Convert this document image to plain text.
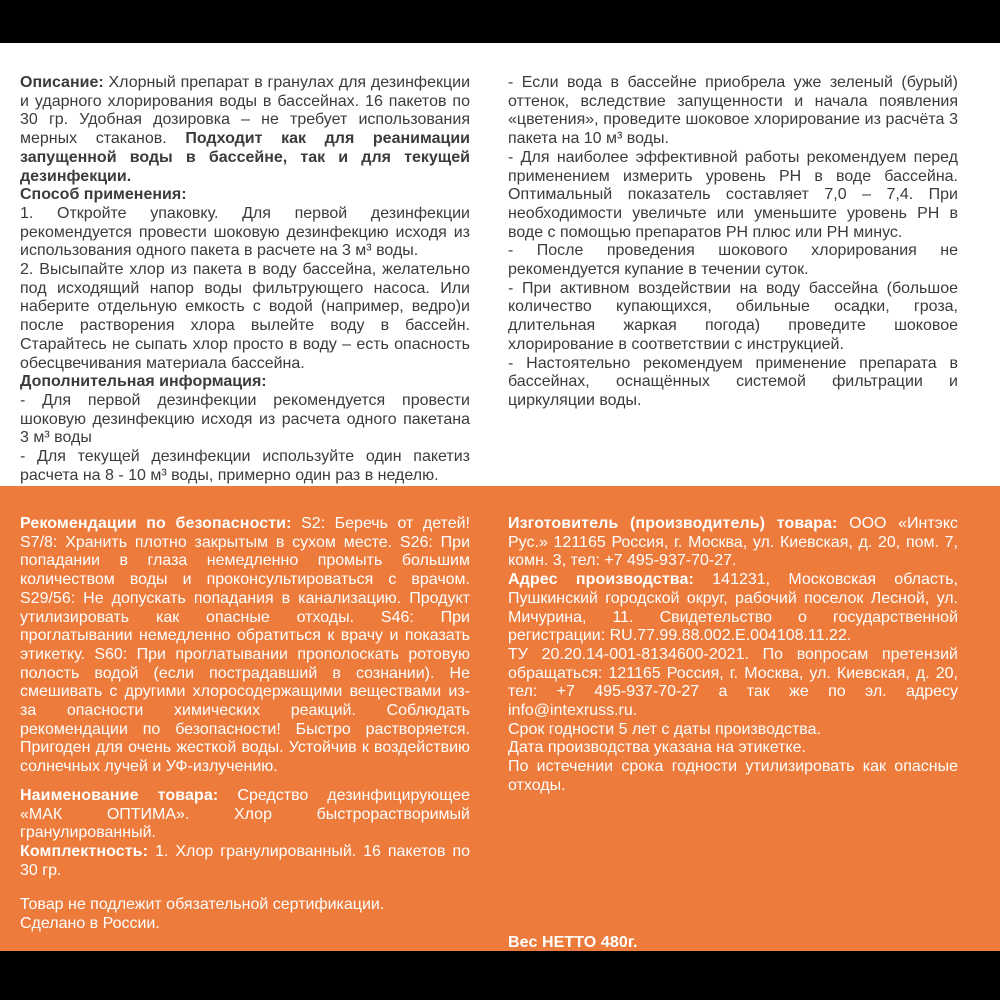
Описание: Хлорный препарат в гранулах для дезинфекции и ударного хлорирования воды в бассейнах. 16 пакетов по 30 гр. Удобная дозировка – не требует использования мерных стаканов. Подходит как для реанимации запущенной воды в бассейне, так и для текущей дезинфекции.

Способ применения:

1. Откройте упаковку. Для первой дезинфекции рекомендуется провести шоковую дезинфекцию исходя из использования одного пакета в расчете на 3 м³ воды.

2. Высыпайте хлор из пакета в воду бассейна, желательно под исходящий напор воды фильтрующего насоса. Или наберите отдельную емкость с водой (например, ведро)и после растворения хлора вылейте воду в бассейн. Старайтесь не сыпать хлор просто в воду – есть опасность обесцвечивания материала бассейна.

Дополнительная информация:

- Для первой дезинфекции рекомендуется провести шоковую дезинфекцию исходя из расчета одного пакетана 3 м³ воды

- Для текущей дезинфекции используйте один пакетиз расчета на 8 - 10 м³ воды, примерно один раз в неделю.

- Если вода в бассейне приобрела уже зеленый (бурый) оттенок, вследствие запущенности и начала появления «цветения», проведите шоковое хлорирование из расчёта 3 пакета на 10 м³ воды.

- Для наиболее эффективной работы рекомендуем перед применением измерить уровень PH в воде бассейна. Оптимальный показатель составляет 7,0 – 7,4. При необходимости увеличьте или уменьшите уровень PH в воде с помощью препаратов PH плюс или PH минус.

- После проведения шокового хлорирования не рекомендуется купание в течении суток.

- При активном воздействии на воду бассейна (большое количество купающихся, обильные осадки, гроза, длительная жаркая погода) проведите шоковое хлорирование в соответствии с инструкцией.

- Настоятельно рекомендуем применение препарата в бассейнах, оснащённых системой фильтрации и циркуляции воды.

Рекомендации по безопасности: S2: Беречь от детей! S7/8: Хранить плотно закрытым в сухом месте. S26: При попадании в глаза немедленно промыть большим количеством воды и проконсультироваться с врачом. S29/56: Не допускать попадания в канализацию. Продукт утилизировать как опасные отходы. S46: При проглатывании немедленно обратиться к врачу и показать этикетку. S60: При проглатывании прополоскать ротовую полость водой (если пострадавший в сознании). Не смешивать с другими хлоросодержащими веществами из-за опасности химических реакций. Соблюдать рекомендации по безопасности! Быстро растворяется. Пригоден для очень жесткой воды. Устойчив к воздействию солнечных лучей и УФ-излучению.

Наименование товара: Средство дезинфицирующее «МАК ОПТИМА». Хлор быстрорастворимый гранулированный.

Комплектность: 1. Хлор гранулированный. 16 пакетов по 30 гр.

Товар не подлежит обязательной сертификации.

Сделано в России.

Изготовитель (производитель) товара: ООО «Интэкс Рус.» 121165 Россия, г. Москва, ул. Киевская, д. 20, пом. 7, комн. 3, тел: +7 495-937-70-27.

Адрес производства: 141231, Московская область, Пушкинский городской округ, рабочий поселок Лесной, ул. Мичурина, 11. Свидетельство о государственной регистрации: RU.77.99.88.002.E.004108.11.22.

ТУ 20.20.14-001-8134600-2021. По вопросам претензий обращаться: 121165 Россия, г. Москва, ул. Киевская, д. 20, тел: +7 495-937-70-27 а так же по эл. адресу info@intexruss.ru.

Срок годности 5 лет с даты производства.

Дата производства указана на этикетке.

По истечении срока годности утилизировать как опасные отходы.

Вес НЕТТО 480г.
